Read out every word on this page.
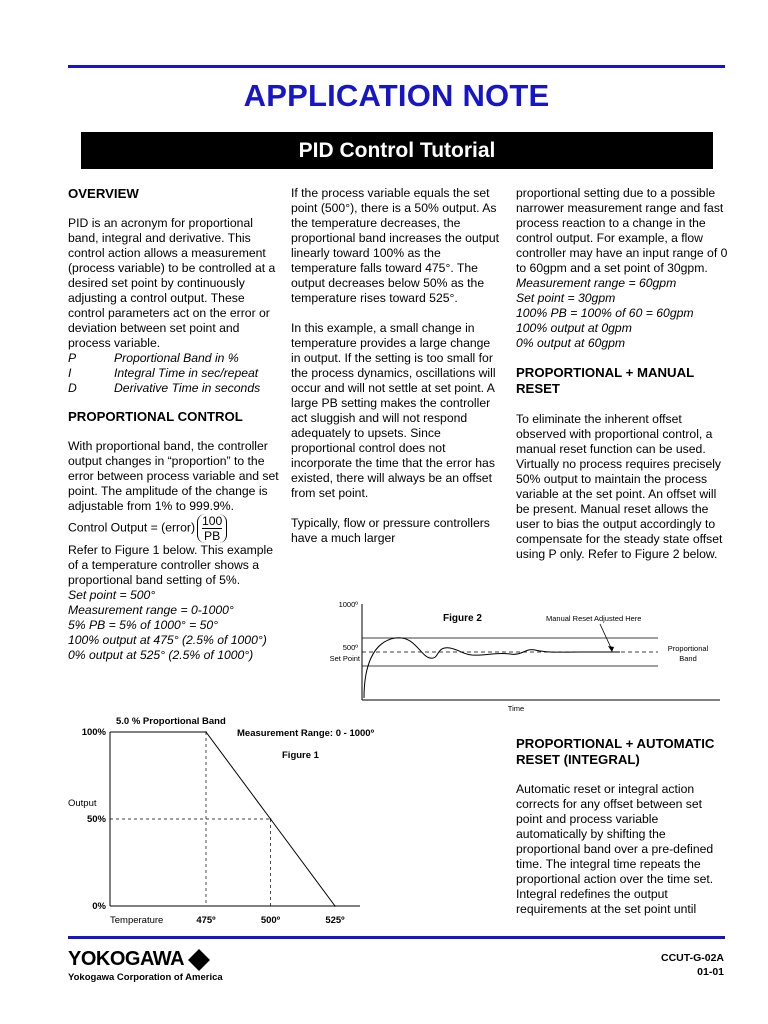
APPLICATION NOTE
PID Control Tutorial

OVERVIEW

PID is an acronym for proportional band, integral and derivative. This control action allows a measurement (process variable) to be controlled at a desired set point by continuously adjusting a control output. These control parameters act on the error or deviation between set point and process variable.

P	Proportional Band in %
I	Integral Time in sec/repeat
D	Derivative Time in seconds

PROPORTIONAL CONTROL

With proportional band, the controller output changes in “proportion” to the error between process variable and set point. The amplitude of the change is adjustable from 1% to 999.9%.

Control Output = (error) $\frac{100}{PB}$

Refer to Figure 1 below. This example of a temperature controller shows a proportional band setting of 5%.

Set point = 500°

Measurement range = 0-1000°

5% PB = 5% of 1000° = 50°

100% output at 475° (2.5% of 1000°)

0% output at 525° (2.5% of 1000°)

If the process variable equals the set point (500°), there is a 50% output. As the temperature decreases, the proportional band increases the output linearly toward 100% as the temperature falls toward 475°. The output decreases below 50% as the temperature rises toward 525°.

In this example, a small change in temperature provides a large change in output. If the setting is too small for the process dynamics, oscillations will occur and will not settle at set point. A large PB setting makes the controller act sluggish and will not respond adequately to upsets. Since proportional control does not incorporate the time that the error has existed, there will always be an offset from set point.

Typically, flow or pressure controllers have a much larger

proportional setting due to a possible narrower measurement range and fast process reaction to a change in the control output. For example, a flow controller may have an input range of 0 to 60gpm and a set point of 30gpm.

Measurement range = 60gpm

Set point = 30gpm

100% PB = 100% of 60 = 60gpm

100% output at 0gpm

0% output at 60gpm

PROPORTIONAL + MANUAL RESET

To eliminate the inherent offset observed with proportional control, a manual reset function can be used. Virtually no process requires precisely 50% output to maintain the process variable at the set point. An offset will be present. Manual reset allows the user to bias the output accordingly to compensate for the steady state offset using P only. Refer to Figure 2 below.

PROPORTIONAL + AUTOMATIC RESET (INTEGRAL)

Automatic reset or integral action corrects for any offset between set point and process variable automatically by shifting the proportional band over a pre-defined time. The integral time repeats the proportional action over the time set. Integral redefines the output requirements at the set point until

1000º
500º
Set Point
Figure 2	Manual Reset Adjusted Here
Proportional
Band
Time
5.0 % Proportional Band
Measurement Range: 0 - 1000º
Figure 1
Output
Temperature
100%
50%
0%
475º	500º	525º
YOKOGAWA
Yokogawa Corporation of America
CCUT-G-02A
01-01
